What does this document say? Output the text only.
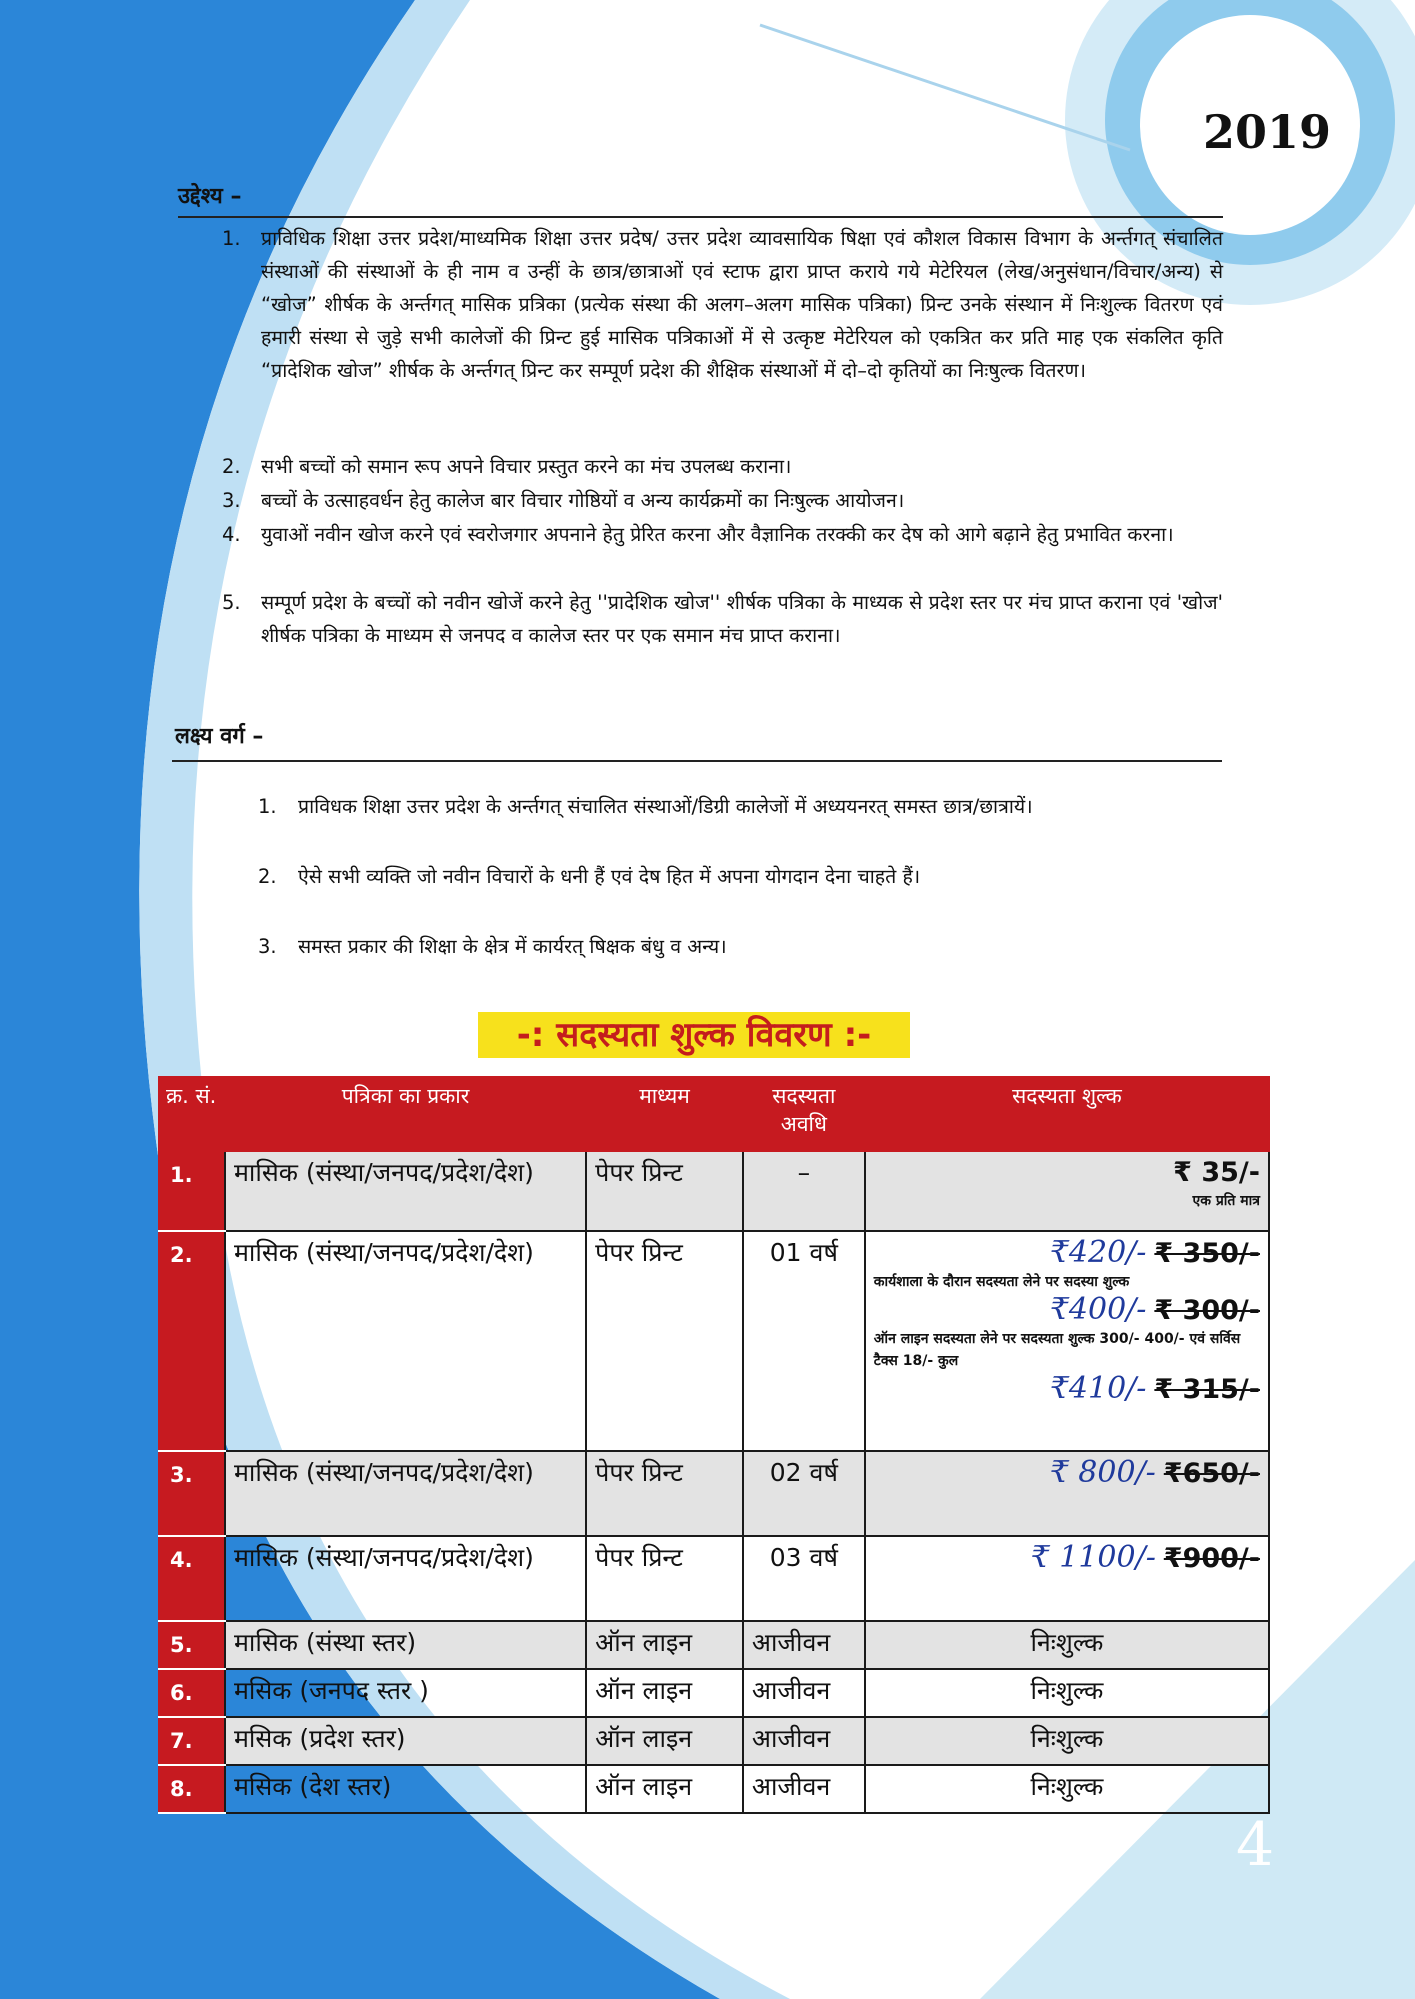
2019
उद्देश्य –
1. प्राविधिक शिक्षा उत्तर प्रदेश/माध्यमिक शिक्षा उत्तर प्रदेष/ उत्तर प्रदेश व्यावसायिक षिक्षा एवं कौशल विकास विभाग के अर्न्तगत् संचालित संस्थाओं की संस्थाओं के ही नाम व उन्हीं के छात्र/छात्राओं एवं स्टाफ द्वारा प्राप्त कराये गये मेटेरियल (लेख/अनुसंधान/विचार/अन्य) से “खोज” शीर्षक के अर्न्तगत् मासिक प्रत्रिका (प्रत्येक संस्था की अलग–अलग मासिक पत्रिका) प्रिन्ट उनके संस्थान में निःशुल्क वितरण एवं हमारी संस्था से जुड़े सभी कालेजों की प्रिन्ट हुई मासिक पत्रिकाओं में से उत्कृष्ट मेटेरियल को एकत्रित कर प्रति माह एक संकलित कृति “प्रादेशिक खोज” शीर्षक के अर्न्तगत् प्रिन्ट कर सम्पूर्ण प्रदेश की शैक्षिक संस्थाओं में दो–दो कृतियों का निःषुल्क वितरण।
2. सभी बच्चों को समान रूप अपने विचार प्रस्तुत करने का मंच उपलब्ध कराना।
3. बच्चों के उत्साहवर्धन हेतु कालेज बार विचार गोष्ठियों व अन्य कार्यक्रमों का निःषुल्क आयोजन।
4. युवाओं नवीन खोज करने एवं स्वरोजगार अपनाने हेतु प्रेरित करना और वैज्ञानिक तरक्की कर देष को आगे बढ़ाने हेतु प्रभावित करना।
5. सम्पूर्ण प्रदेश के बच्चों को नवीन खोजें करने हेतु ''प्रादेशिक खोज'' शीर्षक पत्रिका के माध्यक से प्रदेश स्तर पर मंच प्राप्त कराना एवं 'खोज' शीर्षक पत्रिका के माध्यम से जनपद व कालेज स्तर पर एक समान मंच प्राप्त कराना।
लक्ष्य वर्ग –
1. प्राविधक शिक्षा उत्तर प्रदेश के अर्न्तगत् संचालित संस्थाओं/डिग्री कालेजों में अध्ययनरत् समस्त छात्र/छात्रायें।
2. ऐसे सभी व्यक्ति जो नवीन विचारों के धनी हैं एवं देष हित में अपना योगदान देना चाहते हैं।
3. समस्त प्रकार की शिक्षा के क्षेत्र में कार्यरत् षिक्षक बंधु व अन्य।
-: सदस्यता शुल्क विवरण :-
क्र. सं.	पत्रिका का प्रकार	माध्यम	सदस्यता अवधि	सदस्यता शुल्क
1.	मासिक (संस्था/जनपद/प्रदेश/देश)	पेपर प्रिन्ट	–	₹ 35/-
एक प्रति मात्र

2.	मासिक (संस्था/जनपद/प्रदेश/देश)	पेपर प्रिन्ट	01 वर्ष	₹420/- ₹ 350/-
कार्यशाला के दौरान सदस्यता लेने पर सदस्या शुल्क
₹400/- ₹ 300/-
ऑन लाइन सदस्यता लेने पर सदस्यता शुल्क 300/- 400/- एवं सर्विस टैक्स 18/- कुल
₹410/- ₹ 315/-

3.	मासिक (संस्था/जनपद/प्रदेश/देश)	पेपर प्रिन्ट	02 वर्ष	₹ 800/- ₹650/-
4.	मासिक (संस्था/जनपद/प्रदेश/देश)	पेपर प्रिन्ट	03 वर्ष	₹ 1100/- ₹900/-
5.	मासिक (संस्था स्तर)	ऑन लाइन	आजीवन	निःशुल्क
6.	मसिक (जनपद स्तर )	ऑन लाइन	आजीवन	निःशुल्क
7.	मसिक (प्रदेश स्तर)	ऑन लाइन	आजीवन	निःशुल्क
8.	मसिक (देश स्तर)	ऑन लाइन	आजीवन	निःशुल्क
4
